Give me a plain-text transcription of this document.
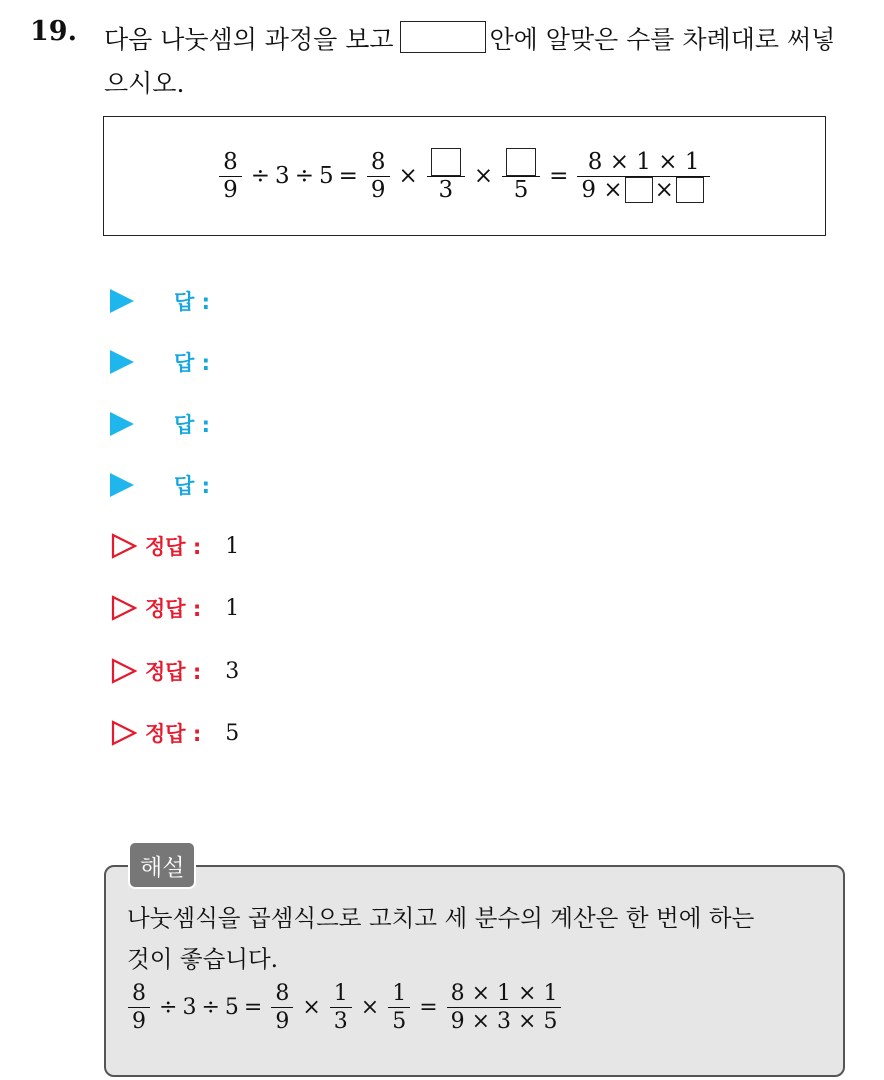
19. 다음 나눗셈의 과정을 보고	안에 알맞은 수를 차례대로 써넣
으시오.
$\frac{8}{9} \div 3 \div 5 = \frac{8}{9}$ ×
3
×
5
= $\frac{8 \times 1 \times 1}{9 \times \times}$
답 :
답 :
답 :
답 :
정답 : 1
정답 : 1
정답 : 3
정답 : 5
해설
나눗셈식을 곱셈식으로 고치고 세 분수의 계산은 한 번에 하는
것이 좋습니다.
$\frac{8}{9} \div 3 \div 5 = \frac{8}{9} \times \frac{1}{3} \times \frac{1}{5} = \frac{8 \times 1 \times 1}{9 \times 3 \times 5}$
